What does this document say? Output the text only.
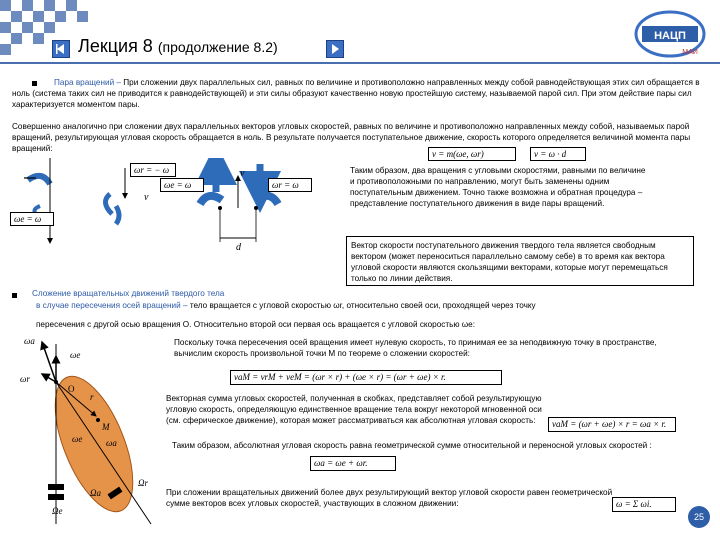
Лекция 8 (продолжение 8.2)
НАЦП
МАИ
Пара вращений – При сложении двух параллельных сил, равных по величине и противоположно направленных между собой равнодействующая этих сил обращается в ноль (система таких сил не приводится к равнодействующей) и эти силы образуют качественно новую простейшую систему, называемой парой сил. При этом действие пары сил характеризуется моментом пары.
Совершенно аналогично при сложении двух параллельных векторов угловых скоростей, равных по величине и противоположно направленных между собой, называемых парой вращений, результирующая угловая скорость обращается в ноль. В результате получается поступательное движение, скорость которого определяется величиной момента пары вращений:
v = m(ωe, ωr)	v = ω · d
d
v
v
ωr = − ω
ωe = ω	ωr = ω
ωe = ω
Таким образом, два вращения с угловыми скоростями, равными по величине и противоположными по направлению, могут быть заменены одним поступательным движением. Точно также возможна и обратная процедура – представление поступательного движения в виде пары вращений.
Вектор скорости поступательного движения твердого тела является свободным вектором (может переноситься параллельно самому себе) в то время как вектора угловой скорости являются скользящими векторами, которые могут перемещаться только по линии действия.
Сложение вращательных движений твердого тела
в случае пересечения осей вращений – тело вращается с угловой скоростью ωr, относительно своей оси, проходящей через точку
пересечения с другой осью вращения O. Относительно второй оси первая ось вращается с угловой скоростью ωe:
ωa
ωe
ωr
O
r
M
ωe	ωa
Ωa
Ωe
Ωr
Поскольку точка пересечения осей вращения имеет нулевую скорость, то принимая ее за неподвижную точку в пространстве, вычислим скорость произвольной точки M по теореме о сложении скоростей:
vaM = vrM + veM = (ωr × r) + (ωe × r) = (ωr + ωe) × r.
Векторная сумма угловых скоростей, полученная в скобках, представляет собой результирующую угловую скорость, определяющую единственное вращение тела вокруг некоторой мгновенной оси (см. сферическое движение), которая может рассматриваться как абсолютная угловая скорость:	vaM = (ωr + ωe) × r = ωa × r.
Таким образом, абсолютная угловая скорость равна геометрической сумме относительной и переносной угловых скоростей :
ωa = ωe + ωr.
При сложении вращательных движений более двух результирующий вектор угловой скорости равен геометрической сумме векторов всех угловых скоростей, участвующих в сложном движении:	ω = Σ ωi.
25
